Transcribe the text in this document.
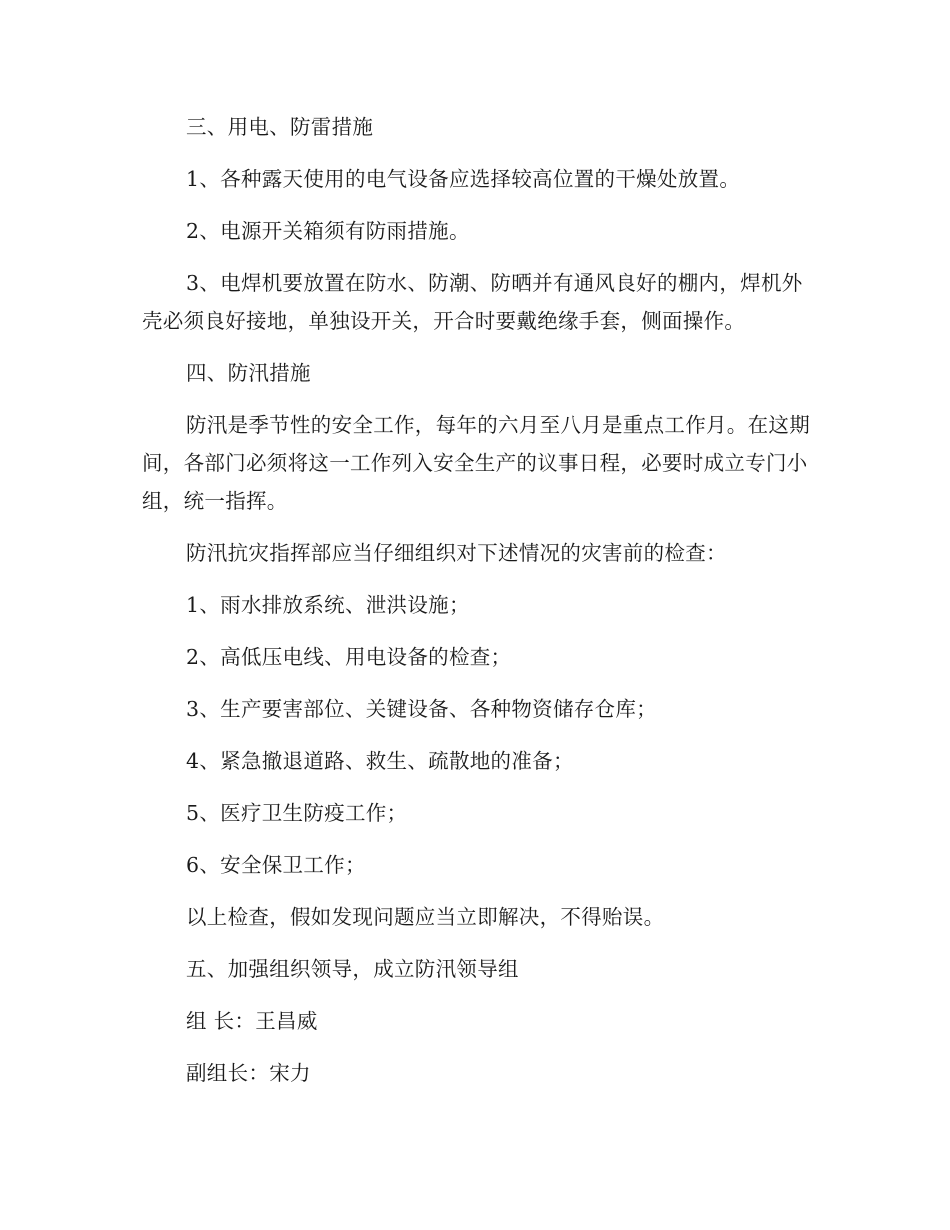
三、用电、防雷措施

1、各种露天使用的电气设备应选择较高位置的干燥处放置。

2、电源开关箱须有防雨措施。

3、电焊机要放置在防水、防潮、防晒并有通风良好的棚内，焊机外壳必须良好接地，单独设开关，开合时要戴绝缘手套，侧面操作。

四、防汛措施

防汛是季节性的安全工作，每年的六月至八月是重点工作月。在这期间，各部门必须将这一工作列入安全生产的议事日程，必要时成立专门小组，统一指挥。

防汛抗灾指挥部应当仔细组织对下述情况的灾害前的检查：

1、雨水排放系统、泄洪设施；

2、高低压电线、用电设备的检查；

3、生产要害部位、关键设备、各种物资储存仓库；

4、紧急撤退道路、救生、疏散地的准备；

5、医疗卫生防疫工作；

6、安全保卫工作；

以上检查，假如发现问题应当立即解决，不得贻误。

五、加强组织领导，成立防汛领导组

组 长：王昌威

副组长：宋力
